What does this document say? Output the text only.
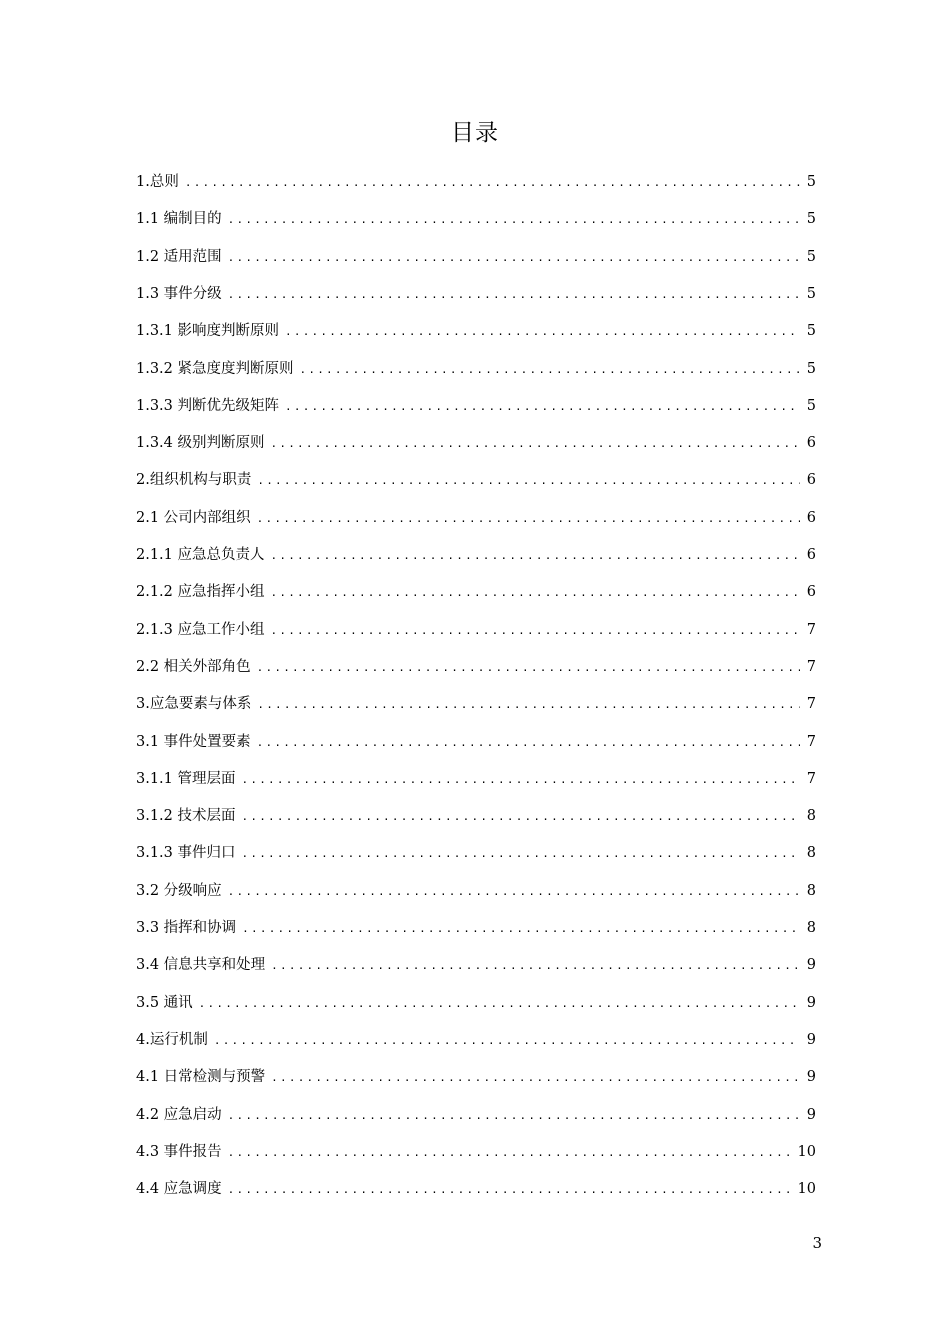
目录
1.总则 . . .	5
1.1 编制目的 . . .	5
1.2 适用范围 . . .	5
1.3 事件分级 . . .	5
1.3.1 影响度判断原则 . . .	5
1.3.2 紧急度度判断原则 . . .	5
1.3.3 判断优先级矩阵 . . .	5
1.3.4 级别判断原则 . . .	6
2.组织机构与职责 . . .	6
2.1 公司内部组织 . . .	6
2.1.1 应急总负责人 . . .	6
2.1.2 应急指挥小组 . . .	6
2.1.3 应急工作小组 . . .	7
2.2 相关外部角色 . . .	7
3.应急要素与体系 . . .	7
3.1 事件处置要素 . . .	7
3.1.1 管理层面 . . .	7
3.1.2 技术层面 . . .	8
3.1.3 事件归口 . . .	8
3.2 分级响应 . . .	8
3.3 指挥和协调 . . .	8
3.4 信息共享和处理 . . .	9
3.5 通讯 . . .	9
4.运行机制 . . .	9
4.1 日常检测与预警 . . .	9
4.2 应急启动 . . .	9
4.3 事件报告 . . .	10
4.4 应急调度 . . .	10
3
